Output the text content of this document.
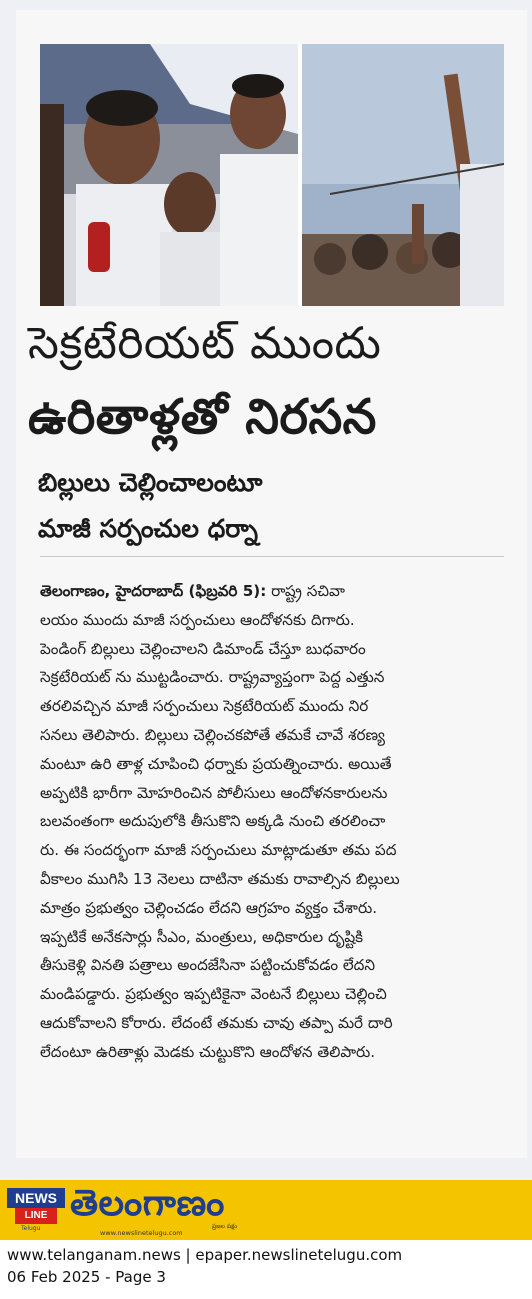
సెక్రటేరియట్ ముందు
ఉరితాళ్లతో నిరసన
బిల్లులు చెల్లించాలంటూ
మాజీ సర్పంచుల ధర్నా
తెలంగాణం, హైదరాబాద్ (ఫిబ్రవరి 5): రాష్ట్ర సచివా
లయం ముందు మాజీ సర్పంచులు ఆందోళనకు దిగారు.
పెండింగ్ బిల్లులు చెల్లించాలని డిమాండ్ చేస్తూ బుధవారం
సెక్రటేరియట్ ను ముట్టడించారు. రాష్ట్రవ్యాప్తంగా పెద్ద ఎత్తున
తరలివచ్చిన మాజీ సర్పంచులు సెక్రటేరియట్ ముందు నిర
సనలు తెలిపారు. బిల్లులు చెల్లించకపోతే తమకే చావే శరణ్య
మంటూ ఉరి తాళ్ల చూపించి ధర్నాకు ప్రయత్నించారు. అయితే
అప్పటికి భారీగా మోహరించిన పోలీసులు ఆందోళనకారులను
బలవంతంగా అదుపులోకి తీసుకొని అక్కడి నుంచి తరలించా
రు. ఈ సందర్భంగా మాజీ సర్పంచులు మాట్లాడుతూ తమ పద
వీకాలం ముగిసి 13 నెలలు దాటినా తమకు రావాల్సిన బిల్లులు
మాత్రం ప్రభుత్వం చెల్లించడం లేదని ఆగ్రహం వ్యక్తం చేశారు.
ఇప్పటికే అనేకసార్లు సీఎం, మంత్రులు, అధికారుల దృష్టికి
తీసుకెళ్లి వినతి పత్రాలు అందజేసినా పట్టించుకోవడం లేదని
మండిపడ్డారు. ప్రభుత్వం ఇప్పటికైనా వెంటనే బిల్లులు చెల్లించి
ఆదుకోవాలని కోరారు. లేదంటే తమకు చావు తప్పా మరే దారి
లేదంటూ ఉరితాళ్లు మెడకు చుట్టుకొని ఆందోళన తెలిపారు.
NEWS
LINE
Telugu
తెలంగాణం
ప్రజల పక్షం
www.newslinetelugu.com
www.telanganam.news | epaper.newslinetelugu.com
06 Feb 2025 - Page 3
